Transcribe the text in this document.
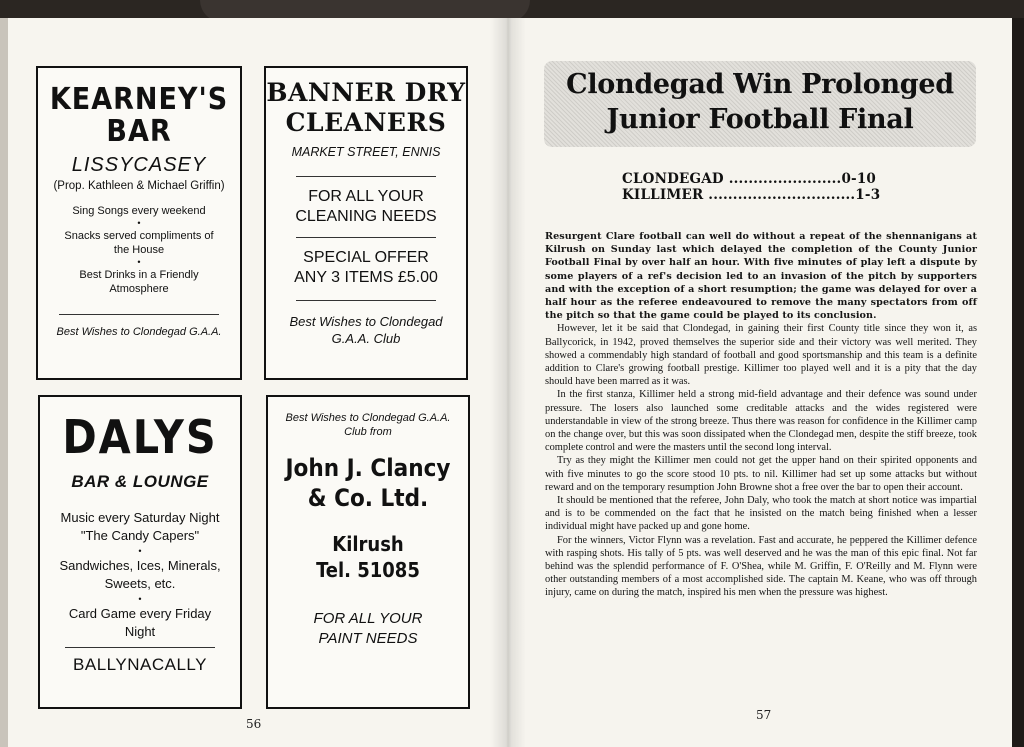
KEARNEY'S
BAR
LISSYCASEY
(Prop. Kathleen & Michael Griffin)
Sing Songs every weekend
•
Snacks served compliments of the House
•
Best Drinks in a Friendly Atmosphere
Best Wishes to Clondegad G.A.A.
BANNER DRY
CLEANERS
MARKET STREET, ENNIS
FOR ALL YOUR
CLEANING NEEDS
SPECIAL OFFER
ANY 3 ITEMS £5.00
Best Wishes to Clondegad
G.A.A. Club
DALYS
BAR & LOUNGE
Music every Saturday Night
"The Candy Capers"
•
Sandwiches, Ices, Minerals,
Sweets, etc.
•
Card Game every Friday
Night
BALLYNACALLY
Best Wishes to Clondegad G.A.A.
Club from
John J. Clancy
& Co. Ltd.
Kilrush
Tel. 51085
FOR ALL YOUR
PAINT NEEDS
56
Clondegad Win Prolonged
Junior Football Final
CLONDEGAD .......................0-10
KILLIMER ..............................1-3

Resurgent Clare football can well do without a repeat of the shennanigans at Kilrush on Sunday last which delayed the completion of the County Junior Football Final by over half an hour. With five minutes of play left a dispute by some players of a ref's decision led to an invasion of the pitch by supporters and with the exception of a short resumption; the game was delayed for over a half hour as the referee endeavoured to remove the many spectators from off the pitch so that the game could be played to its conclusion.

However, let it be said that Clondegad, in gaining their first County title since they won it, as Ballycorick, in 1942, proved themselves the superior side and their victory was well merited. They showed a commendably high standard of football and good sportsmanship and this team is a definite addition to Clare's growing football prestige. Killimer too played well and it is a pity that the day should have been marred as it was.

In the first stanza, Killimer held a strong mid-field advantage and their defence was sound under pressure. The losers also launched some creditable attacks and the wides registered were understandable in view of the strong breeze. Thus there was reason for confidence in the Killimer camp on the change over, but this was soon dissipated when the Clondegad men, despite the stiff breeze, took complete control and were the masters until the second long interval.

Try as they might the Killimer men could not get the upper hand on their spirited opponents and with five minutes to go the score stood 10 pts. to nil. Killimer had set up some attacks but without reward and on the temporary resumption John Browne shot a free over the bar to open their account.

It should be mentioned that the referee, John Daly, who took the match at short notice was impartial and is to be commended on the fact that he insisted on the match being finished when a lesser individual might have packed up and gone home.

For the winners, Victor Flynn was a revelation. Fast and accurate, he peppered the Killimer defence with rasping shots. His tally of 5 pts. was well deserved and he was the man of this epic final. Not far behind was the splendid performance of F. O'Shea, while M. Griffin, F. O'Reilly and M. Flynn were other outstanding members of a most accomplished side. The captain M. Keane, who was off through injury, came on during the match, inspired his men when the pressure was highest.

57
